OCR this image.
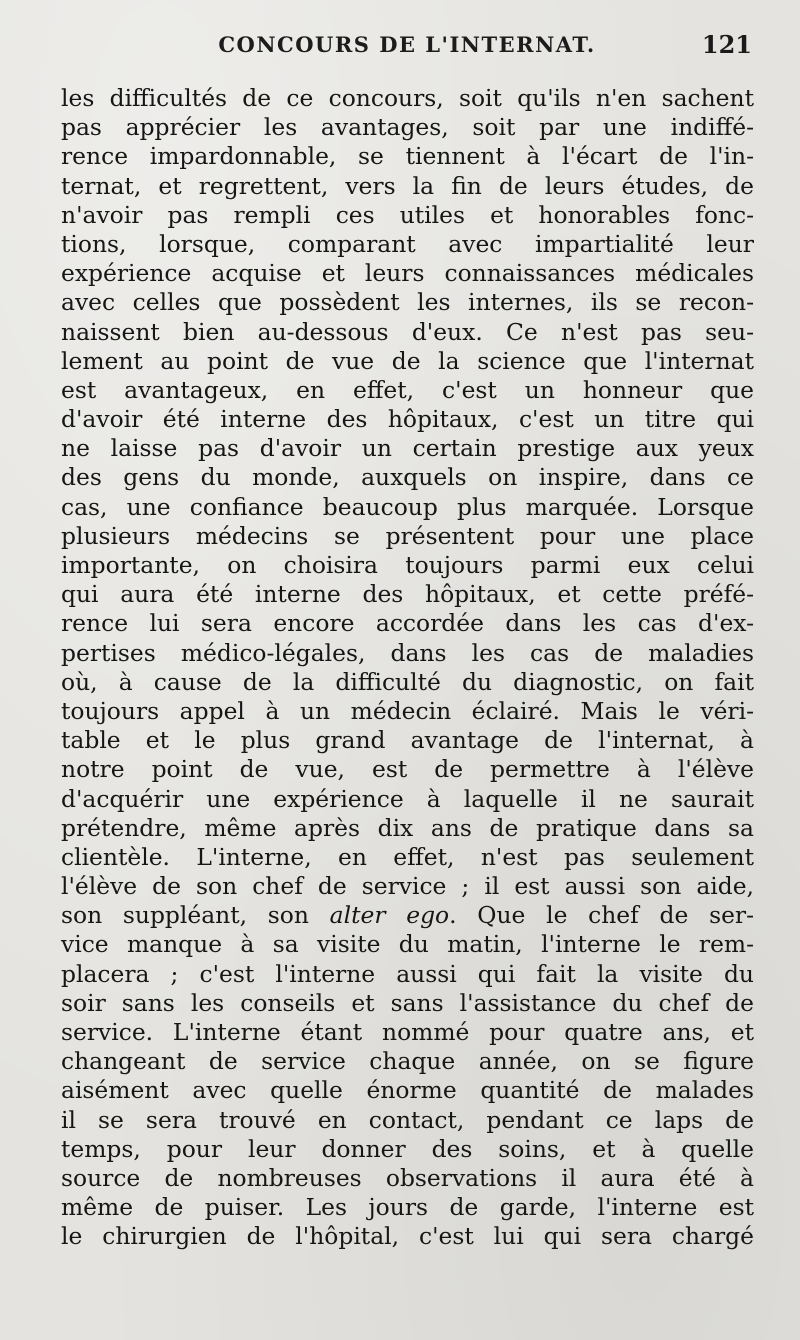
CONCOURS DE L'INTERNAT.	121
les difficultés de ce concours, soit qu'ils n'en sachent
pas apprécier les avantages, soit par une indiffé-
rence impardonnable, se tiennent à l'écart de l'in-
ternat, et regrettent, vers la fin de leurs études, de
n'avoir pas rempli ces utiles et honorables fonc-
tions, lorsque, comparant avec impartialité leur
expérience acquise et leurs connaissances médicales
avec celles que possèdent les internes, ils se recon-
naissent bien au-dessous d'eux. Ce n'est pas seu-
lement au point de vue de la science que l'internat
est avantageux, en effet, c'est un honneur que
d'avoir été interne des hôpitaux, c'est un titre qui
ne laisse pas d'avoir un certain prestige aux yeux
des gens du monde, auxquels on inspire, dans ce
cas, une confiance beaucoup plus marquée. Lorsque
plusieurs médecins se présentent pour une place
importante, on choisira toujours parmi eux celui
qui aura été interne des hôpitaux, et cette préfé-
rence lui sera encore accordée dans les cas d'ex-
pertises médico-légales, dans les cas de maladies
où, à cause de la difficulté du diagnostic, on fait
toujours appel à un médecin éclairé. Mais le véri-
table et le plus grand avantage de l'internat, à
notre point de vue, est de permettre à l'élève
d'acquérir une expérience à laquelle il ne saurait
prétendre, même après dix ans de pratique dans sa
clientèle. L'interne, en effet, n'est pas seulement
l'élève de son chef de service ; il est aussi son aide,
son suppléant, son alter ego. Que le chef de ser-
vice manque à sa visite du matin, l'interne le rem-
placera ; c'est l'interne aussi qui fait la visite du
soir sans les conseils et sans l'assistance du chef de
service. L'interne étant nommé pour quatre ans, et
changeant de service chaque année, on se figure
aisément avec quelle énorme quantité de malades
il se sera trouvé en contact, pendant ce laps de
temps, pour leur donner des soins, et à quelle
source de nombreuses observations il aura été à
même de puiser. Les jours de garde, l'interne est
le chirurgien de l'hôpital, c'est lui qui sera chargé
